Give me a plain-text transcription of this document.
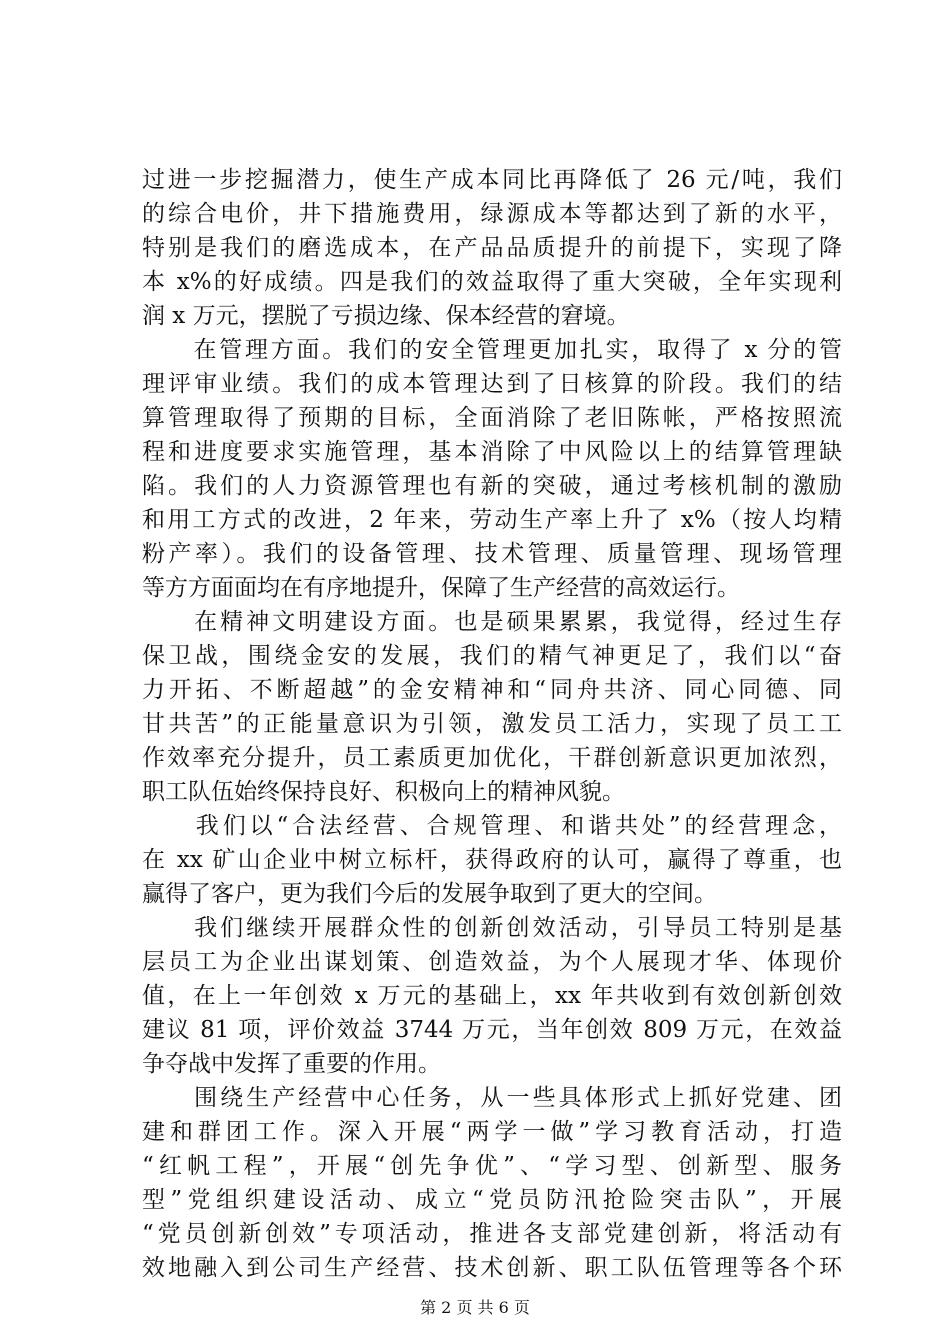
过进一步挖掘潜力，使生产成本同比再降低了 26 元/吨，我们
的综合电价，井下措施费用，绿源成本等都达到了新的水平，
特别是我们的磨选成本，在产品品质提升的前提下，实现了降
本 x%的好成绩。四是我们的效益取得了重大突破，全年实现利
润 x 万元，摆脱了亏损边缘、保本经营的窘境。
　　在管理方面。我们的安全管理更加扎实，取得了 x 分的管
理评审业绩。我们的成本管理达到了日核算的阶段。我们的结
算管理取得了预期的目标，全面消除了老旧陈帐，严格按照流
程和进度要求实施管理，基本消除了中风险以上的结算管理缺
陷。我们的人力资源管理也有新的突破，通过考核机制的激励
和用工方式的改进，2 年来，劳动生产率上升了 x%（按人均精
粉产率）。我们的设备管理、技术管理、质量管理、现场管理
等方方面面均在有序地提升，保障了生产经营的高效运行。
　　在精神文明建设方面。也是硕果累累，我觉得，经过生存
保卫战，围绕金安的发展，我们的精气神更足了，我们以“奋
力开拓、不断超越”的金安精神和“同舟共济、同心同德、同
甘共苦”的正能量意识为引领，激发员工活力，实现了员工工
作效率充分提升，员工素质更加优化，干群创新意识更加浓烈，
职工队伍始终保持良好、积极向上的精神风貌。
　　我们以“合法经营、合规管理、和谐共处”的经营理念，
在 xx 矿山企业中树立标杆，获得政府的认可，赢得了尊重，也
赢得了客户，更为我们今后的发展争取到了更大的空间。
　　我们继续开展群众性的创新创效活动，引导员工特别是基
层员工为企业出谋划策、创造效益，为个人展现才华、体现价
值，在上一年创效 x 万元的基础上，xx 年共收到有效创新创效
建议 81 项，评价效益 3744 万元，当年创效 809 万元，在效益
争夺战中发挥了重要的作用。
　　围绕生产经营中心任务，从一些具体形式上抓好党建、团
建和群团工作。深入开展“两学一做”学习教育活动，打造
“红帆工程”，开展“创先争优”、“学习型、创新型、服务
型”党组织建设活动、成立“党员防汛抢险突击队”，开展
“党员创新创效”专项活动，推进各支部党建创新，将活动有
效地融入到公司生产经营、技术创新、职工队伍管理等各个环
第 2 页 共 6 页
